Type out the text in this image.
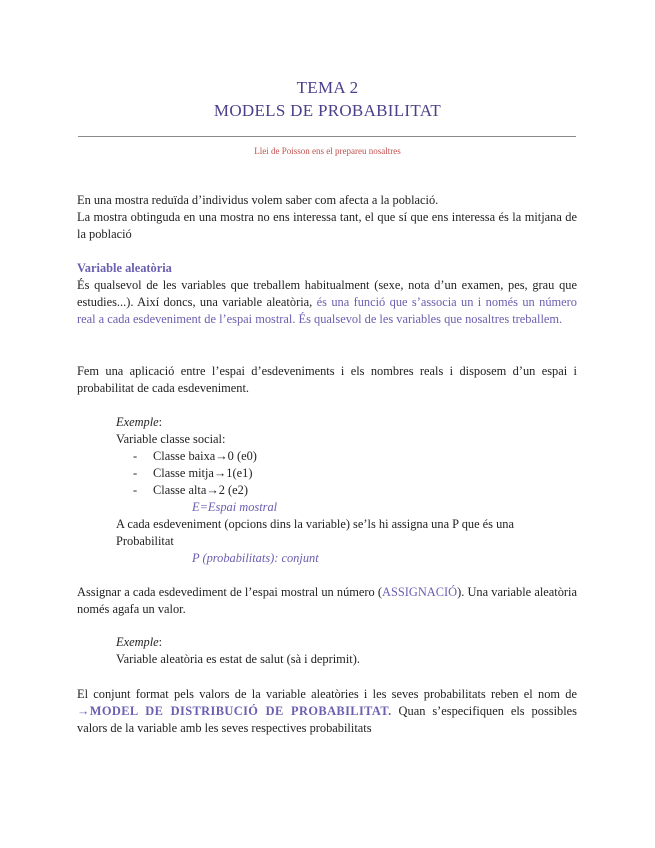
TEMA 2
MODELS DE PROBABILITAT
Llei de Poisson ens el prepareu nosaltres

En una mostra reduïda d’individus volem saber com afecta a la població.

La mostra obtinguda en una mostra no ens interessa tant, el que sí que ens interessa és la mitjana de la població

Variable aleatòria

És qualsevol de les variables que treballem habitualment (sexe, nota d’un examen, pes, grau que estudies...). Així doncs, una variable aleatòria, és una funció que s’associa un i només un número real a cada esdeveniment de l’espai mostral. És qualsevol de les variables que nosaltres treballem.

Fem una aplicació entre l’espai d’esdeveniments i els nombres reals i disposem d’un espai i probabilitat de cada esdeveniment.

Exemple:

Variable classe social:

- Classe baixa→0 (e0)
- Classe mitja→1(e1)
- Classe alta→2 (e2)
E=Espai mostral

A cada esdeveniment (opcions dins la variable) se’ls hi assigna una P que és una Probabilitat

P (probabilitats): conjunt

Assignar a cada esdevediment de l’espai mostral un número (ASSIGNACIÓ). Una variable aleatòria només agafa un valor.

Exemple:

Variable aleatòria es estat de salut (sà i deprimit).

El conjunt format pels valors de la variable aleatòries i les seves probabilitats reben el nom de →MODEL DE DISTRIBUCIÓ DE PROBABILITAT. Quan s’especifiquen els possibles valors de la variable amb les seves respectives probabilitats
